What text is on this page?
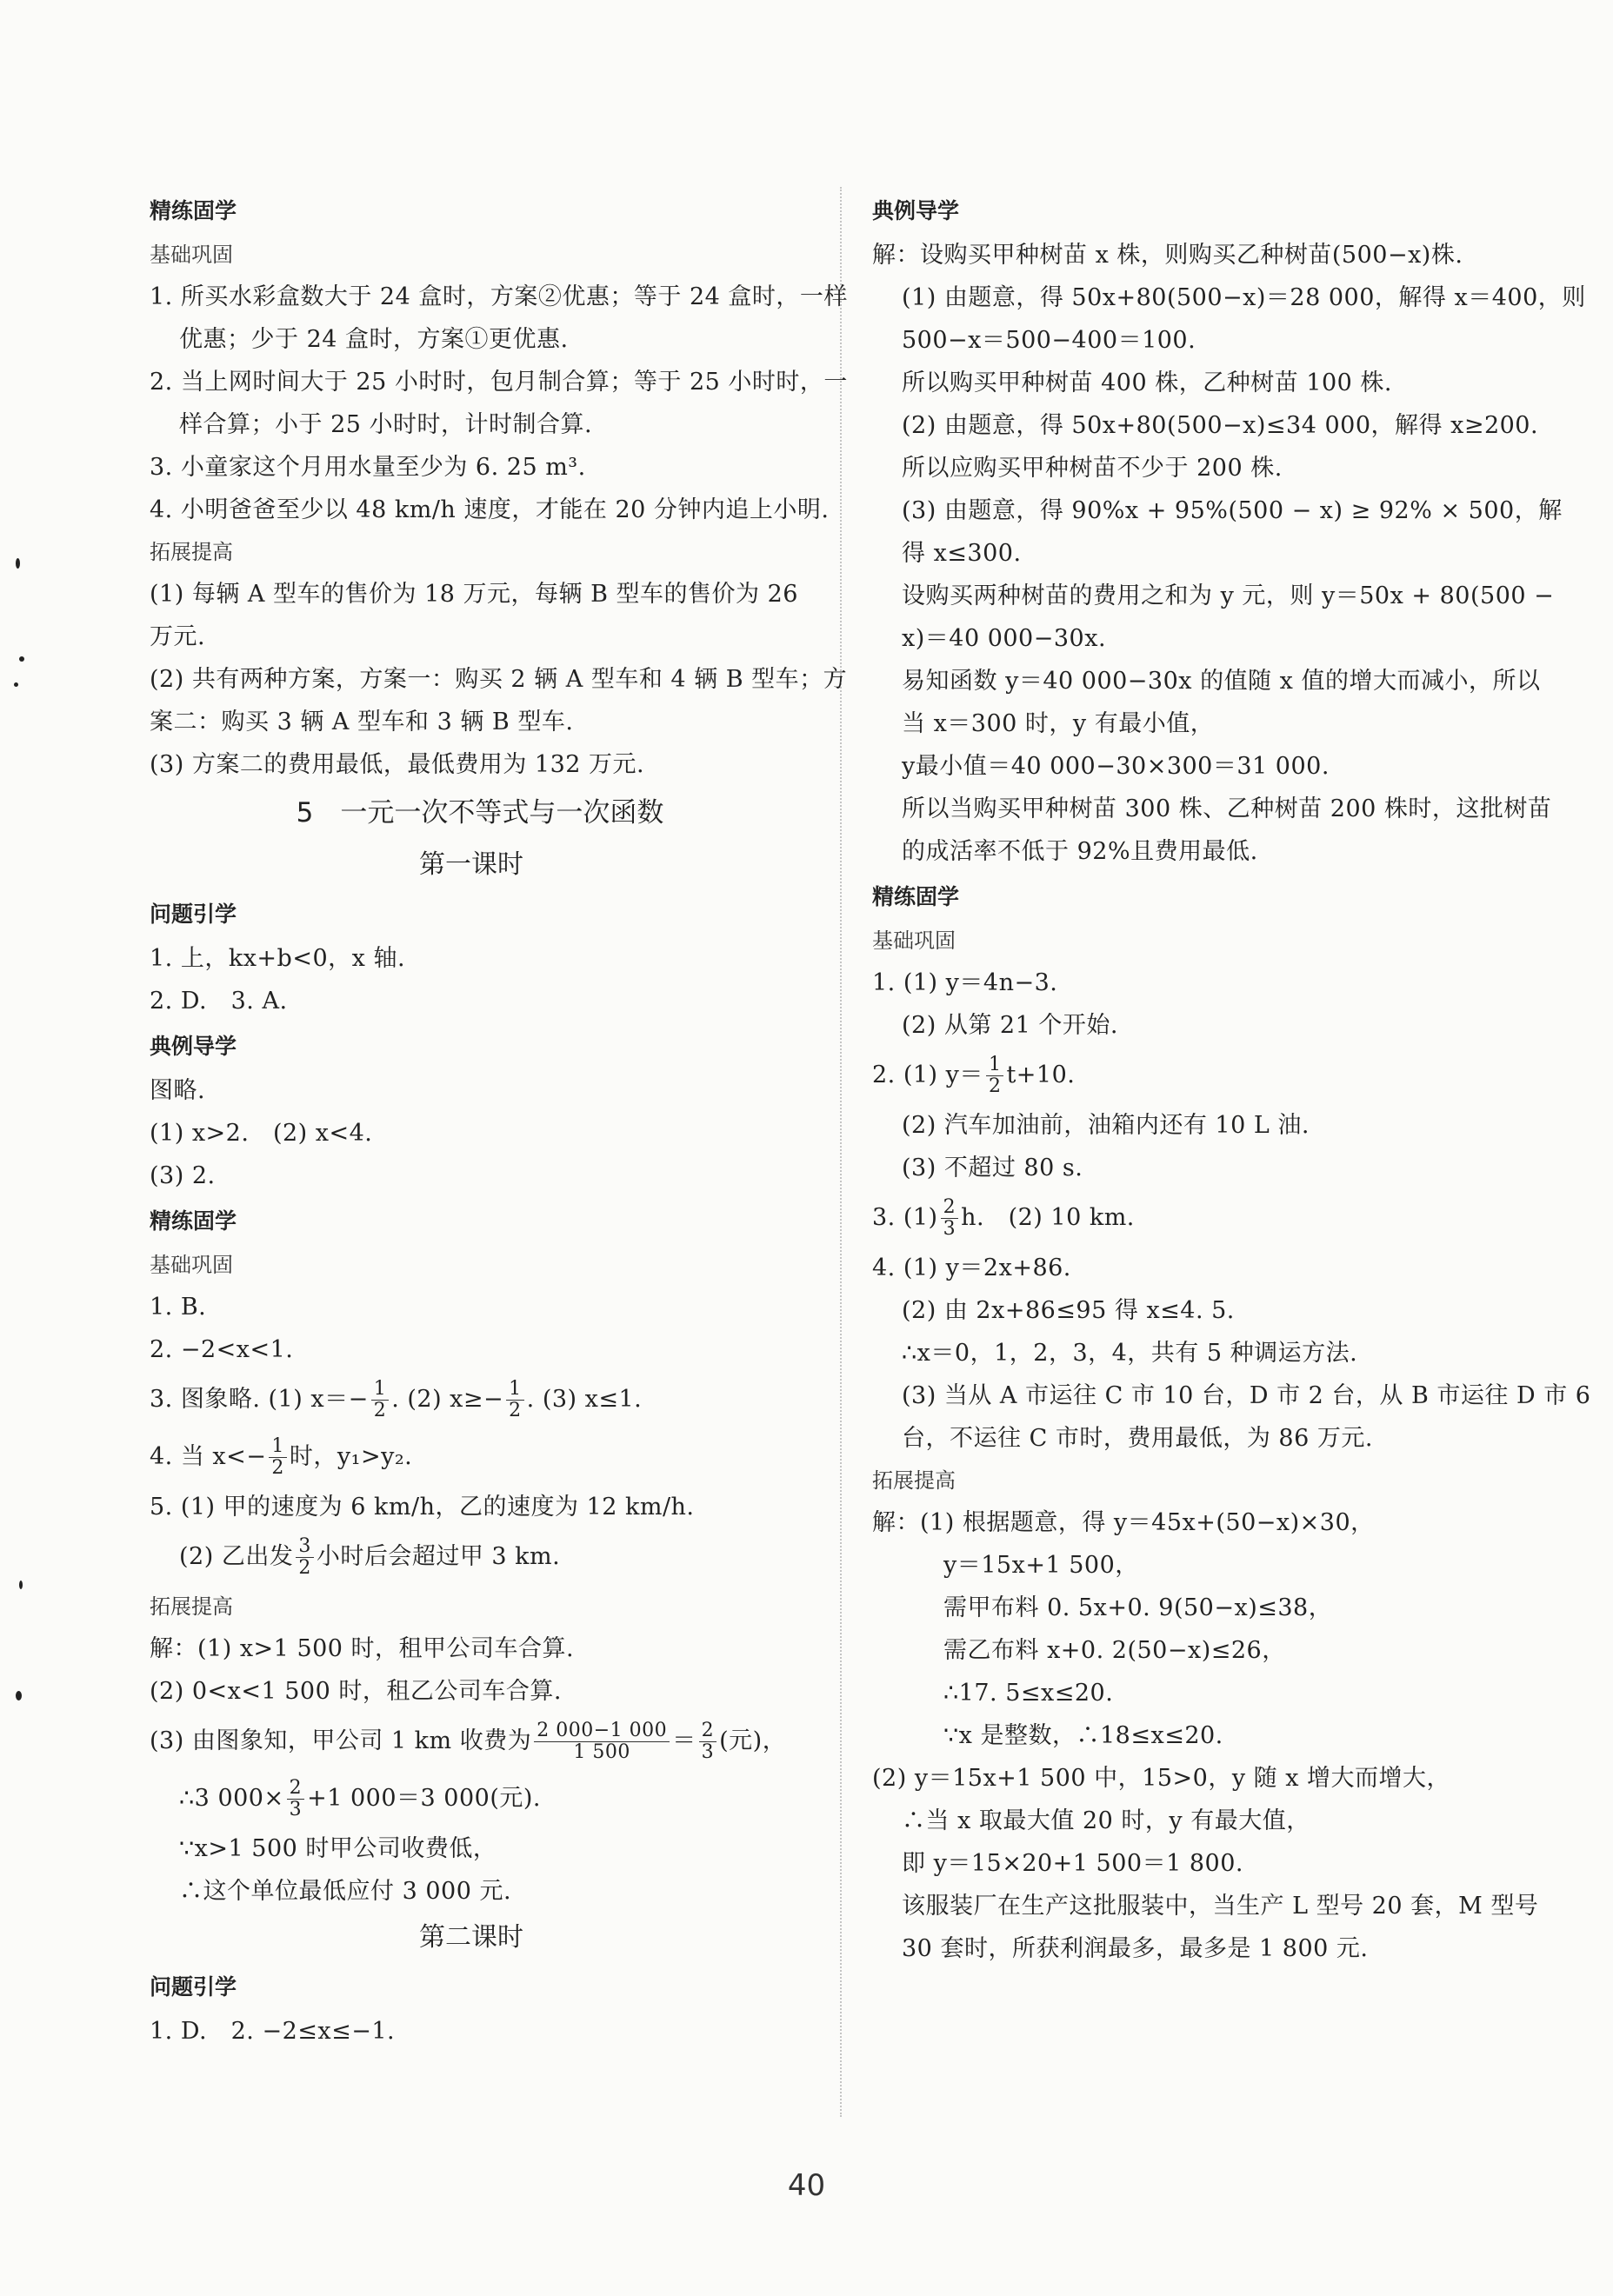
精练固学
基础巩固
1. 所买水彩盒数大于 24 盒时，方案②优惠；等于 24 盒时，一样
优惠；少于 24 盒时，方案①更优惠.
2. 当上网时间大于 25 小时时，包月制合算；等于 25 小时时，一
样合算；小于 25 小时时，计时制合算.
3. 小童家这个月用水量至少为 6. 25 m³.
4. 小明爸爸至少以 48 km/h 速度，才能在 20 分钟内追上小明.
拓展提高
(1) 每辆 A 型车的售价为 18 万元，每辆 B 型车的售价为 26
万元.
(2) 共有两种方案，方案一：购买 2 辆 A 型车和 4 辆 B 型车；方
案二：购买 3 辆 A 型车和 3 辆 B 型车.
(3) 方案二的费用最低，最低费用为 132 万元.
5　一元一次不等式与一次函数
第一课时
问题引学
1. 上，kx+b<0，x 轴.
2. D.　3. A.
典例导学
图略.
(1) x>2.　(2) x<4.
(3) 2.
精练固学
基础巩固
1. B.
2. −2<x<1.
3. 图象略. (1) $x=- \frac{1}{2}$ . (2) $x\ge- \frac{1}{2}$ . (3) x≤1.
4. 当 $x<- \frac{1}{2}$ 时，y₁>y₂.
5. (1) 甲的速度为 6 km/h，乙的速度为 12 km/h.
(2) 乙出发 $\frac{3}{2}$ 小时后会超过甲 3 km.
拓展提高
解：(1) x>1 500 时，租甲公司车合算.
(2) 0<x<1 500 时，租乙公司车合算.
(3) 由图象知，甲公司 1 km 收费为 $\frac{2 000-1 000}{1 500} = \frac{2}{3}$ (元)，
∴3 $000\times \frac{2}{3} +1$ 000＝3 000(元).
∵x>1 500 时甲公司收费低，
∴这个单位最低应付 3 000 元.
第二课时
问题引学
1. D.　2. −2≤x≤−1.
典例导学
解：设购买甲种树苗 x 株，则购买乙种树苗(500−x)株.
(1) 由题意，得 50x+80(500−x)＝28 000，解得 x＝400，则
500−x＝500−400＝100.
所以购买甲种树苗 400 株，乙种树苗 100 株.
(2) 由题意，得 50x+80(500−x)≤34 000，解得 x≥200.
所以应购买甲种树苗不少于 200 株.
(3) 由题意，得 90%x + 95%(500 − x) ≥ 92% × 500，解
得 x≤300.
设购买两种树苗的费用之和为 y 元，则 y＝50x + 80(500 −
x)＝40 000−30x.
易知函数 y＝40 000−30x 的值随 x 值的增大而减小，所以
当 x＝300 时，y 有最小值，
y最小值＝40 000−30×300＝31 000.
所以当购买甲种树苗 300 株、乙种树苗 200 株时，这批树苗
的成活率不低于 92%且费用最低.
精练固学
基础巩固
1. (1) y＝4n−3.
(2) 从第 21 个开始.
2. (1) $y= \frac{1}{2} t+10$.
(2) 汽车加油前，油箱内还有 10 L 油.
(3) 不超过 80 s.
3. $(1) \frac{2}{3} h$.　(2) 10 km.
4. (1) y＝2x+86.
(2) 由 2x+86≤95 得 x≤4. 5.
∴x＝0，1，2，3，4，共有 5 种调运方法.
(3) 当从 A 市运往 C 市 10 台，D 市 2 台，从 B 市运往 D 市 6
台，不运往 C 市时，费用最低，为 86 万元.
拓展提高
解：(1) 根据题意，得 y＝45x+(50−x)×30，
y＝15x+1 500，
需甲布料 0. 5x+0. 9(50−x)≤38，
需乙布料 x+0. 2(50−x)≤26，
∴17. 5≤x≤20.
∵x 是整数，∴18≤x≤20.
(2) y＝15x+1 500 中，15>0，y 随 x 增大而增大，
∴当 x 取最大值 20 时，y 有最大值，
即 y＝15×20+1 500＝1 800.
该服装厂在生产这批服装中，当生产 L 型号 20 套，M 型号
30 套时，所获利润最多，最多是 1 800 元.
40
